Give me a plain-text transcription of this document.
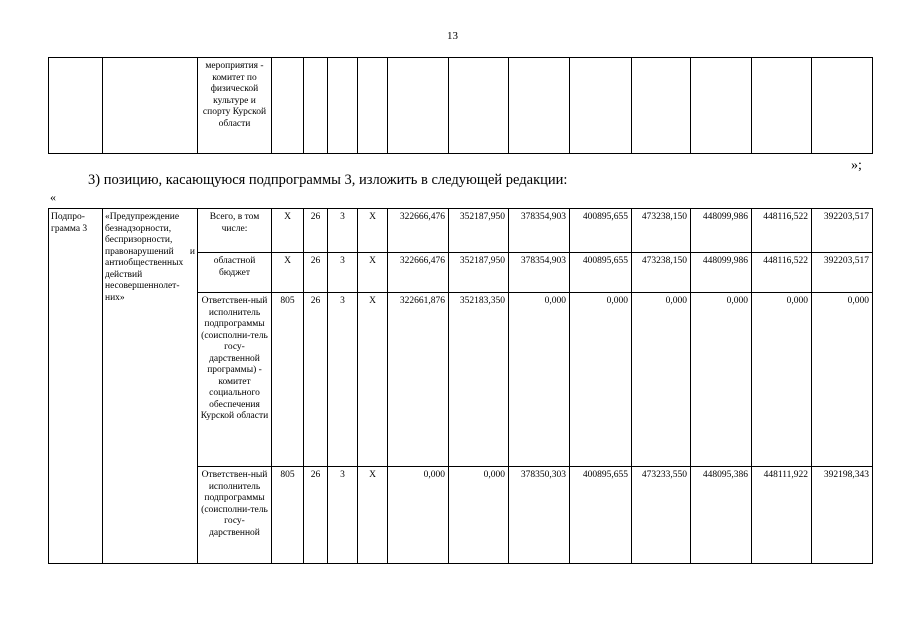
13
		мероприятия - комитет по физической культуре и спорту Курской области												
»;
3) позицию, касающуюся подпрограммы 3, изложить в следующей редакции:
«
Подпро-грамма 3	«Предупреждение безнадзорности, беспризорности, правонарушений и антиобщественных действий несовершеннолет-них»	Всего, в том числе:	X	26	3	X	322666,476	352187,950	378354,903	400895,655	473238,150	448099,986	448116,522	392203,517
		областной бюджет	X	26	3	X	322666,476	352187,950	378354,903	400895,655	473238,150	448099,986	448116,522	392203,517
		Ответствен-ный исполнитель подпрограммы (соисполни-тель госу-дарственной программы) - комитет социального обеспечения Курской области	805	26	3	X	322661,876	352183,350	0,000	0,000	0,000	0,000	0,000	0,000
		Ответствен-ный исполнитель подпрограммы (соисполни-тель госу-дарственной	805	26	3	X	0,000	0,000	378350,303	400895,655	473233,550	448095,386	448111,922	392198,343
